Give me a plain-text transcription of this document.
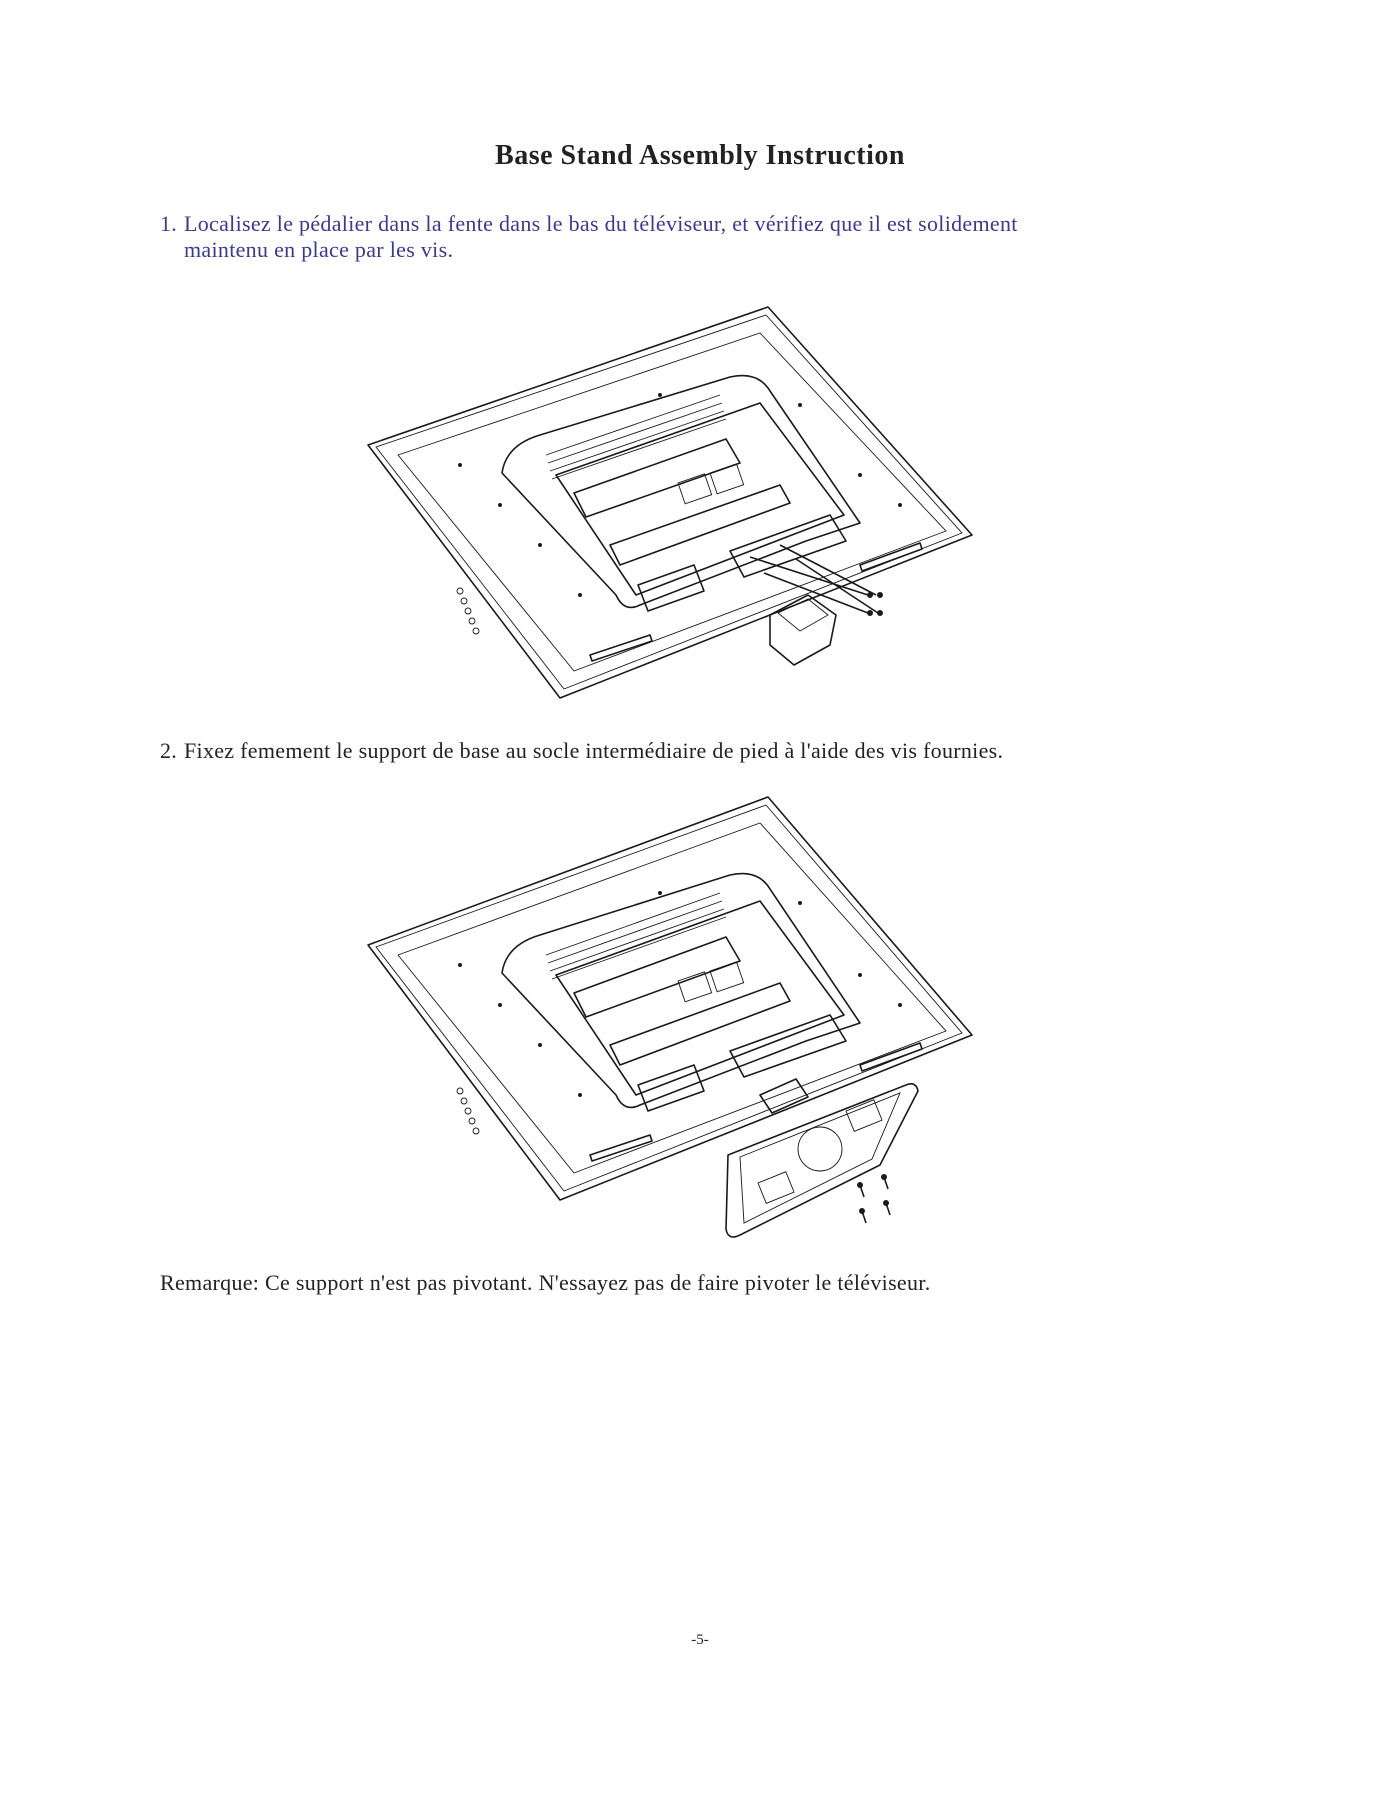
Base Stand Assembly Instruction
1. Localisez le pédalier dans la fente dans le bas du téléviseur, et vérifiez que il est solidement
maintenu en place par les vis.
2. Fixez femement le support de base au socle intermédiaire de pied à l'aide des vis fournies.
Remarque: Ce support n'est pas pivotant. N'essayez pas de faire pivoter le téléviseur.
-5-
